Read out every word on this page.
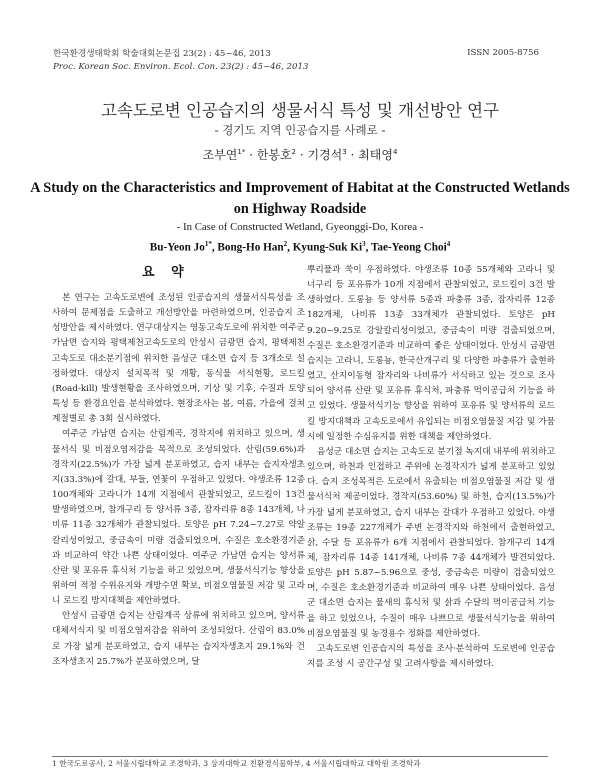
한국환경생태학회 학술대회논문집 23(2) : 45~46, 2013
Proc. Korean Soc. Environ. Ecol. Con. 23(2) : 45~46, 2013
ISSN 2005-8756
고속도로변 인공습지의 생물서식 특성 및 개선방안 연구
- 경기도 지역 인공습지를 사례로 -
조부연$^{1*}$ · 한봉호$^2$ · 기경석$^3$ · 최태영$^4$
A Study on the Characteristics and Improvement of Habitat at the Constructed Wetlands
on Highway Roadside
- In Case of Constructed Wetland, Gyeonggi-Do, Korea -
Bu-Yeon $Jo^{1*}$, Bong-Ho Han$^2$, Kyung-Suk Ki$^3$, Tae-Yeong Choi$^4$
요 약

본 연구는 고속도로변에 조성된 인공습지의 생물서식특성을 조사하여 문제점을 도출하고 개선방안을 마련하였으며, 인공습지 조성방안을 제시하였다. 연구대상지는 영동고속도로에 위치한 여주군 가남면 습지와 평택제천고속도로의 안성시 금광면 습지, 평택제천고속도로 대소분기점에 위치한 음성군 대소면 습지 등 3개소로 설정하였다. 대상지 설치목적 및 개황, 동식물 서식현황, 로드킬(Road-kill) 발생현황을 조사하였으며, 기상 및 기후, 수질과 토양특성 등 환경요인을 분석하였다. 현장조사는 봄, 여름, 가을에 걸쳐 계절별로 총 3회 실시하였다.

여주군 가남면 습지는 산림계곡, 경작지에 위치하고 있으며, 생물서식 및 비점오염저감을 목적으로 조성되었다. 산림(59.6%)과 경작지(22.5%)가 가장 넓게 분포하였고, 습지 내부는 습지자생초지(33.3%)에 갈대, 부들, 연꽃이 우점하고 있었다. 야생조류 12종 100개체와 고라니가 14개 지점에서 관찰되었고, 로드킬이 13건 발생하였으며, 참개구리 등 양서류 3종, 잠자리류 8종 143개체, 나비류 11종 32개체가 관찰되었다. 토양은 pH 7.24~7.27로 약알칼리성이었고, 중금속이 미량 검출되었으며, 수질은 호소환경기준과 비교하여 약간 나쁜 상태이었다. 여주군 가남면 습지는 양서류 산란 및 포유류 휴식처 기능을 하고 있었으며, 생물서식기능 향상을 위하여 적정 수위유지와 개방수면 확보, 비점오염물질 저감 및 고라니 로드킬 방지대책을 제안하였다.

안성시 금광면 습지는 산림계곡 상류에 위치하고 있으며, 양서류 대체서식지 및 비점오염저감을 위하여 조성되었다. 산림이 83.0%로 가장 넓게 분포하였고, 습지 내부는 습지자생초지 29.1%와 건조자생초지 25.7%가 분포하였으며, 달

뿌리풀과 쑥이 우점하였다. 야생조류 10종 55개체와 고라니 및 너구리 등 포유류가 10개 지점에서 관찰되었고, 로드킬이 3건 발생하였다. 도롱뇽 등 양서류 5종과 파충류 3종, 잠자리류 12종 182개체, 나비류 13종 33개체가 관찰되었다. 토양은 pH 9.20~9.25로 강알칼리성이었고, 중금속이 미량 검출되었으며, 수질은 호소환경기준과 비교하여 좋은 상태이었다. 안성시 금광면 습지는 고라니, 도롱뇽, 한국산개구리 및 다양한 파충류가 출현하였고, 산지이동형 잠자리와 나비류가 서식하고 있는 것으로 조사되어 양서류 산란 및 포유류 휴식처, 파충류 먹이공급처 기능을 하고 있었다. 생물서식기능 향상을 위하여 포유류 및 양서류의 로드킬 방지대책과 고속도로에서 유입되는 비점오염물질 저감 및 가뭄 시에 일정한 수심유지를 위한 대책을 제안하였다.

음성군 대소면 습지는 고속도로 분기점 녹지대 내부에 위치하고 있으며, 하천과 인접하고 주위에 논경작지가 넓게 분포하고 있었다. 습지 조성목적은 도로에서 유출되는 비점오염물질 저감 및 생물서식처 제공이었다. 경작지(53.60%) 및 하천, 습지(13.5%)가 가장 넓게 분포하였고, 습지 내부는 갈대가 우점하고 있었다. 야생조류는 19종 227개체가 주변 논경작지와 하천에서 출현하였고, 삵, 수달 등 포유류가 6개 지점에서 관찰되었다. 참개구리 14개체, 잠자리류 14종 141개체, 나비류 7종 44개체가 발견되었다. 토양은 pH 5.87~5.96으로 중성, 중금속은 미량이 검출되었으며, 수질은 호소환경기준과 비교하여 매우 나쁜 상태이었다. 음성군 대소면 습지는 물새의 휴식처 및 삵과 수달의 먹이공급처 기능을 하고 있었으나, 수질이 매우 나쁘므로 생물서식기능을 위하여 비점오염물질 및 농경용수 정화를 제안하였다.

고속도로변 인공습지의 특성을 조사·분석하여 도로변에 인공습지를 조성 시 공간구성 및 고려사항을 제시하였다.

1 한국도로공사, 2 서울시립대학교 조경학과, 3 상지대학교 친환경식물학부, 4 서울시립대학교 대학원 조경학과
